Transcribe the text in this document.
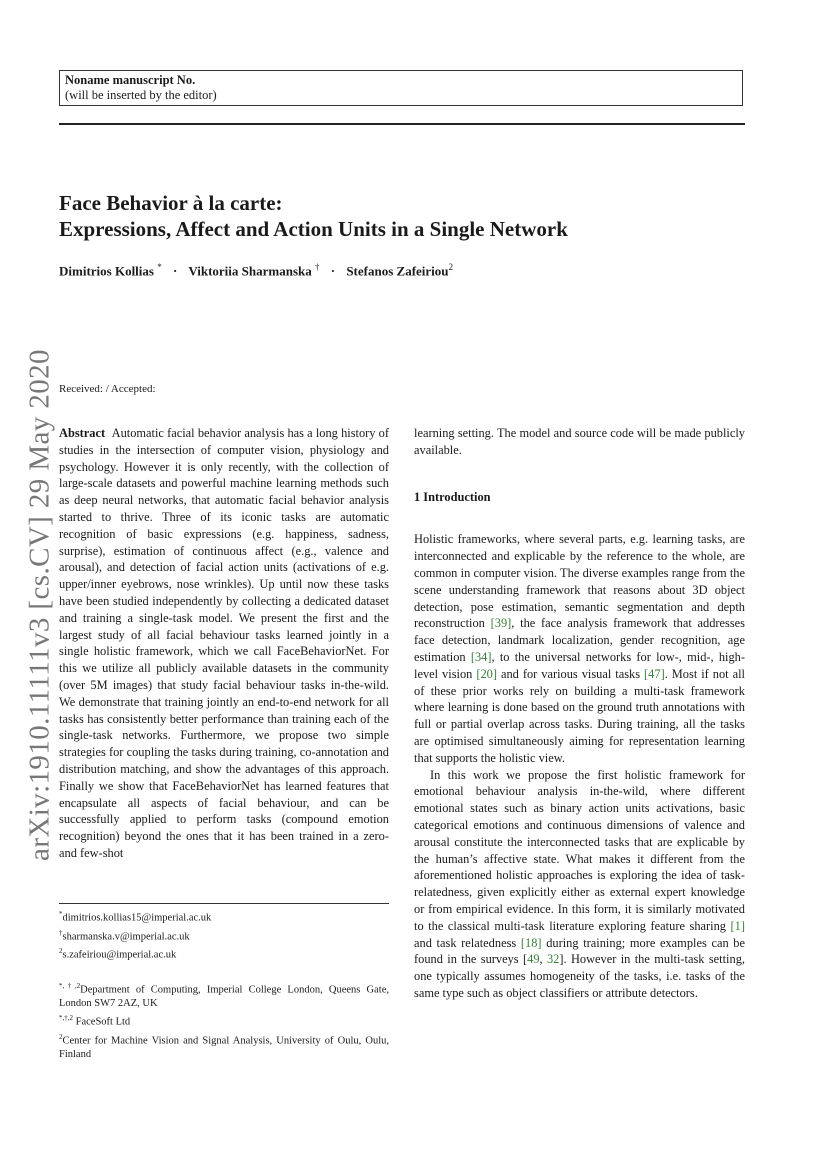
Noname manuscript No.
(will be inserted by the editor)
Face Behavior à la carte:
Expressions, Affect and Action Units in a Single Network
Dimitrios Kollias * · Viktoriia Sharmanska † · Stefanos Zafeiriou$^2$
arXiv:1910.11111v3 [cs.CV] 29 May 2020 Received: / Accepted:

Abstract Automatic facial behavior analysis has a long history of studies in the intersection of computer vision, physiology and psychology. However it is only recently, with the collection of large-scale datasets and powerful machine learning methods such as deep neural networks, that automatic facial behavior analysis started to thrive. Three of its iconic tasks are automatic recognition of basic expressions (e.g. happiness, sadness, surprise), estimation of continuous affect (e.g., valence and arousal), and detection of facial action units (activations of e.g. upper/inner eyebrows, nose wrinkles). Up until now these tasks have been studied independently by collecting a dedicated dataset and training a single-task model. We present the first and the largest study of all facial behaviour tasks learned jointly in a single holistic framework, which we call FaceBehaviorNet. For this we utilize all publicly available datasets in the community (over 5M images) that study facial behaviour tasks in-the-wild. We demonstrate that training jointly an end-to-end network for all tasks has consistently better performance than training each of the single-task networks. Furthermore, we propose two simple strategies for coupling the tasks during training, co-annotation and distribution matching, and show the advantages of this approach. Finally we show that FaceBehaviorNet has learned features that encapsulate all aspects of facial behaviour, and can be successfully applied to perform tasks (compound emotion recognition) beyond the ones that it has been trained in a zero- and few-shot

*dimitrios.kollias15@imperial.ac.uk

†sharmanska.v@imperial.ac.uk

$^2$s.zafeiriou@imperial.ac.uk

$^{*,\dagger,2}$Department of Computing, Imperial College London, Queens Gate, London SW7 2AZ, UK

$^{*,\dagger,2}$ FaceSoft Ltd

$^2$Center for Machine Vision and Signal Analysis, University of Oulu, Oulu, Finland

learning setting. The model and source code will be made publicly available.

1 Introduction

Holistic frameworks, where several parts, e.g. learning tasks, are interconnected and explicable by the reference to the whole, are common in computer vision. The diverse examples range from the scene understanding framework that reasons about 3D object detection, pose estimation, semantic segmentation and depth reconstruction [39], the face analysis framework that addresses face detection, landmark localization, gender recognition, age estimation [34], to the universal networks for low-, mid-, high-level vision [20] and for various visual tasks [47]. Most if not all of these prior works rely on building a multi-task framework where learning is done based on the ground truth annotations with full or partial overlap across tasks. During training, all the tasks are optimised simultaneously aiming for representation learning that supports the holistic view.

In this work we propose the first holistic framework for emotional behaviour analysis in-the-wild, where different emotional states such as binary action units activations, basic categorical emotions and continuous dimensions of valence and arousal constitute the interconnected tasks that are explicable by the human’s affective state. What makes it different from the aforementioned holistic approaches is exploring the idea of task-relatedness, given explicitly either as external expert knowledge or from empirical evidence. In this form, it is similarly motivated to the classical multi-task literature exploring feature sharing [1] and task relatedness [18] during training; more examples can be found in the surveys [49, 32]. However in the multi-task setting, one typically assumes homogeneity of the tasks, i.e. tasks of the same type such as object classifiers or attribute detectors.
